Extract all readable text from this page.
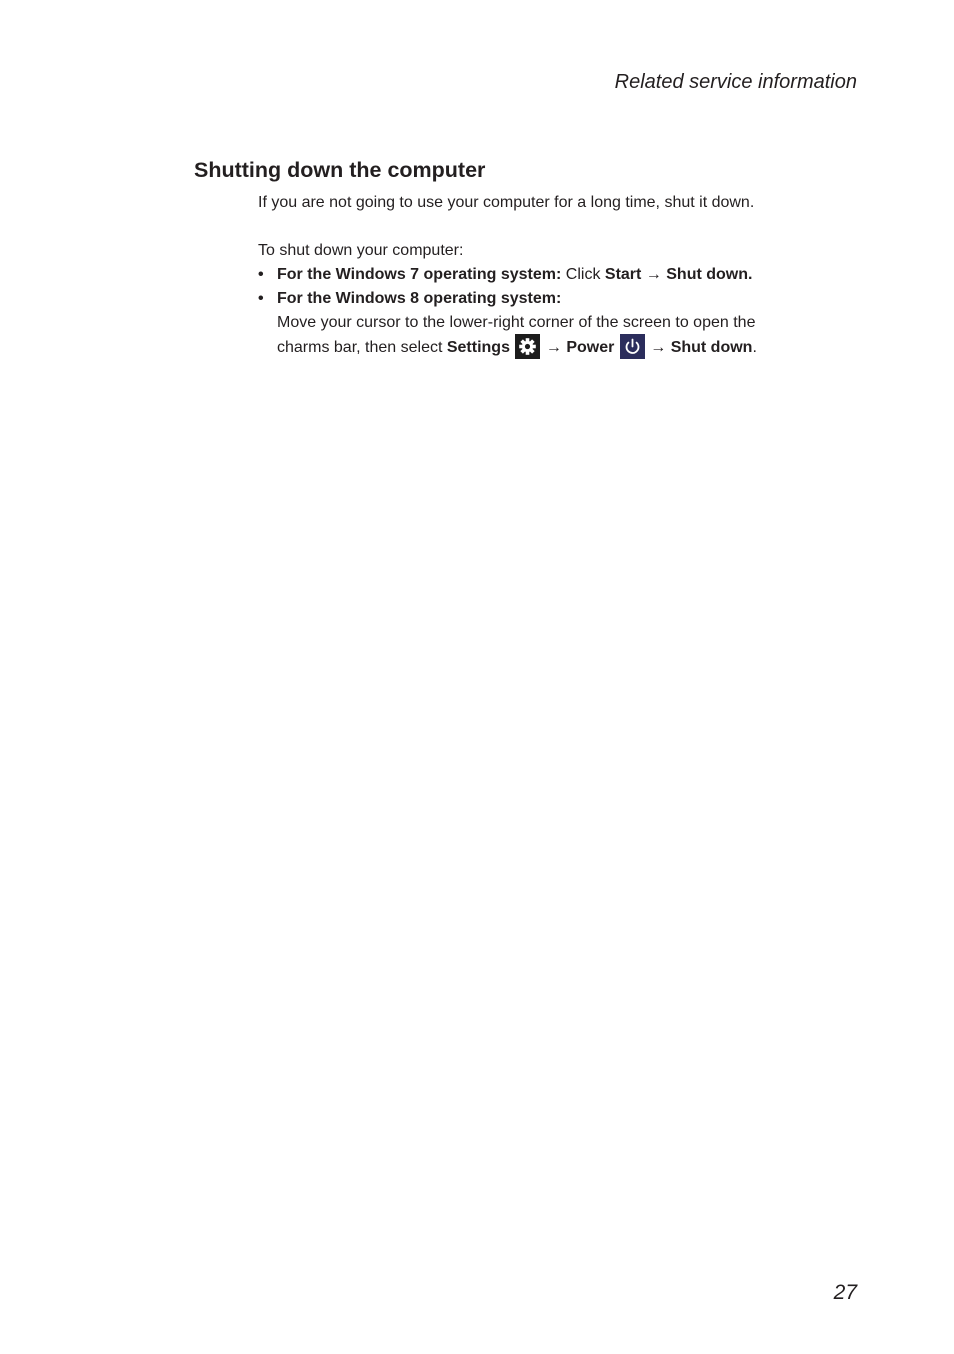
Related service information
Shutting down the computer
If you are not going to use your computer for a long time, shut it down.
To shut down your computer:
• For the Windows 7 operating system: Click Start → Shut down.
• For the Windows 8 operating system:
Move your cursor to the lower-right corner of the screen to open the
charms bar, then select Settings
→ Power
→ Shut down.
27
